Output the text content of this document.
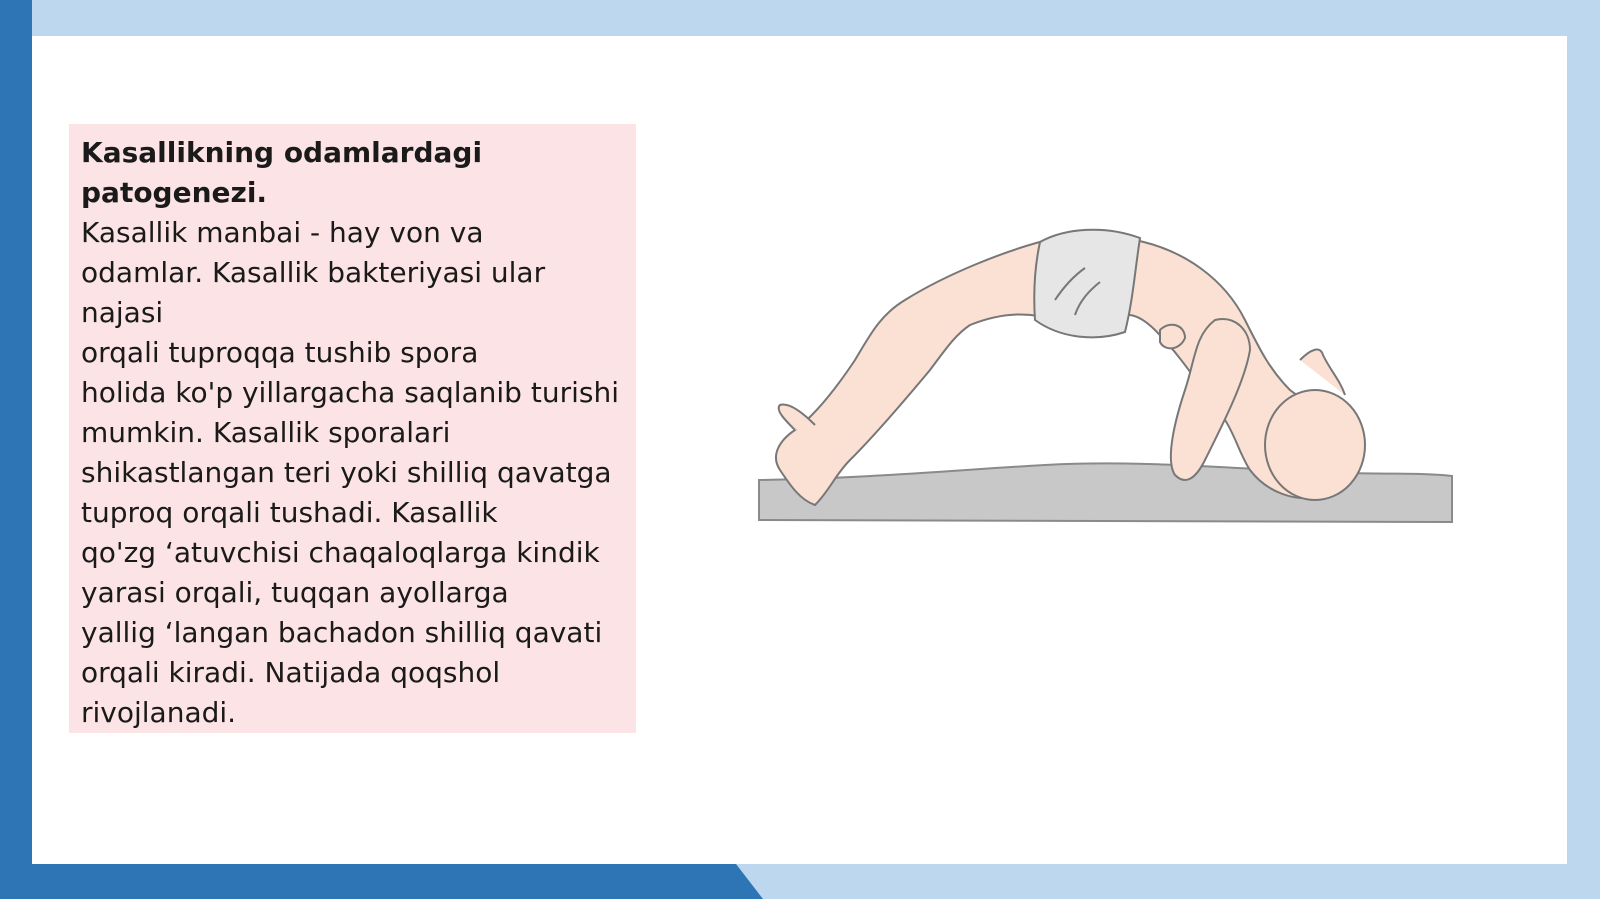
Kasallikning odamlardagi patogenezi.
Kasallik manbai - hay von va
odamlar. Kasallik bakteriyasi ular najasi
orqali tuproqqa tushib spora
holida ko'p yillargacha saqlanib turishi
mumkin. Kasallik sporalari
shikastlangan teri yoki shilliq qavatga
tuproq orqali tushadi. Kasallik
qo'zg ‘atuvchisi chaqaloqlarga kindik
yarasi orqali, tuqqan ayollarga
yallig ‘langan bachadon shilliq qavati
orqali kiradi. Natijada qoqshol
rivojlanadi.
